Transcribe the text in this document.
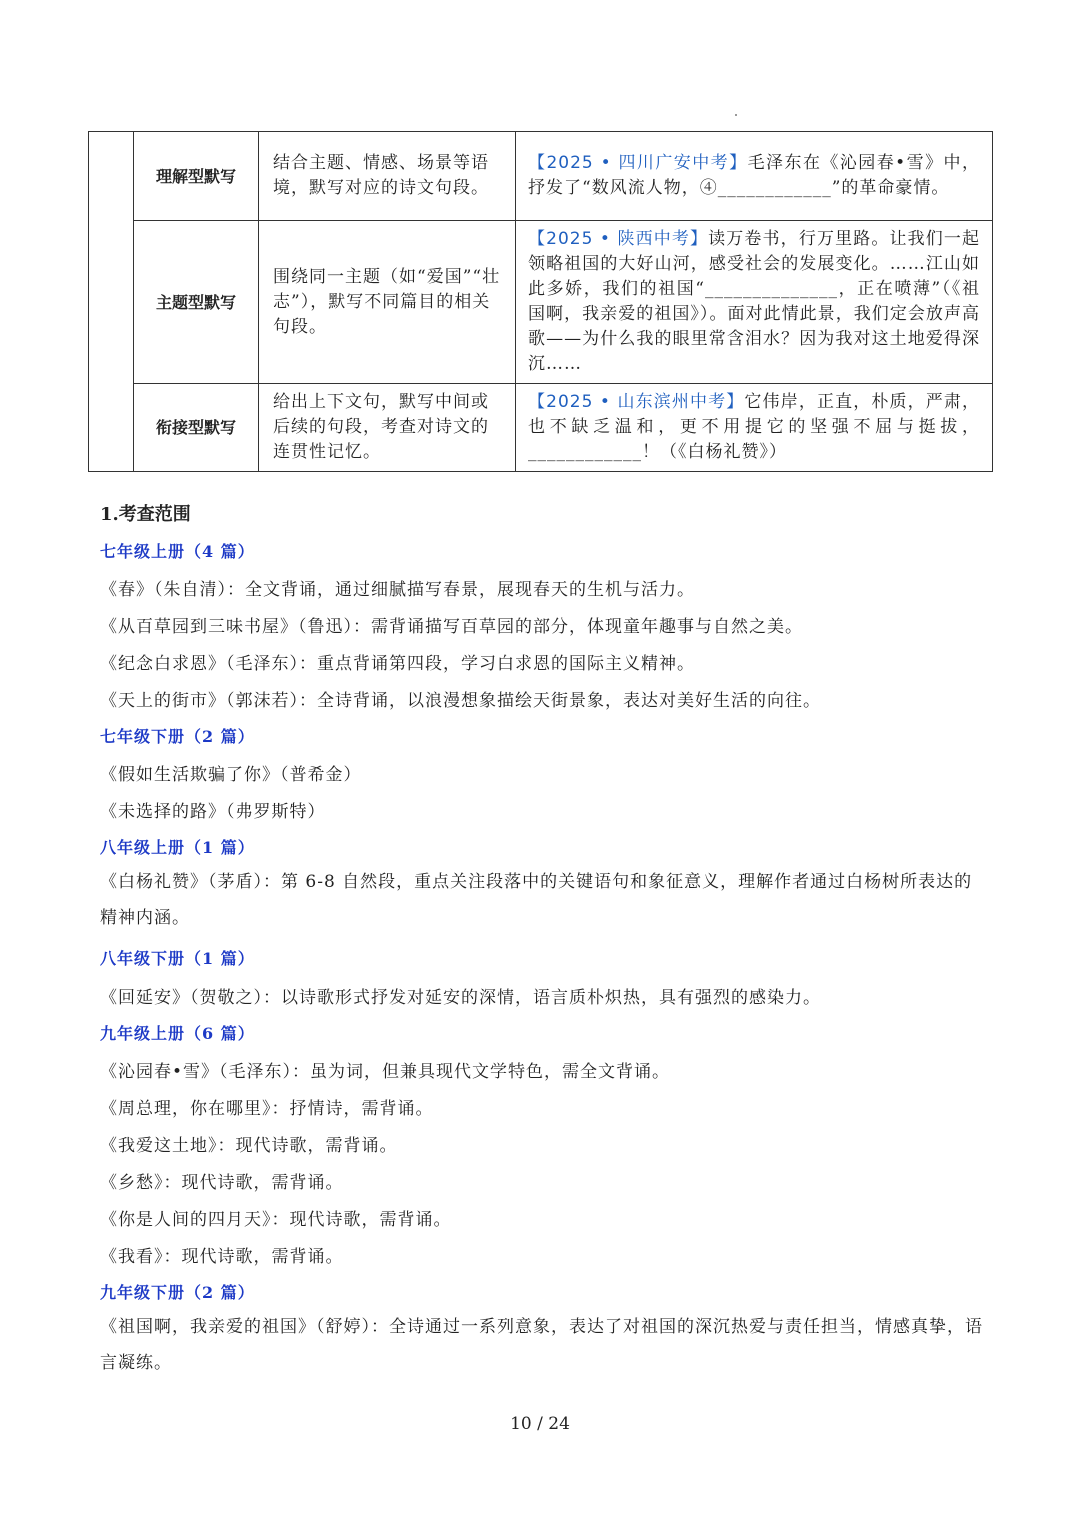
	理解型默写	结合主题、情感、场景等语境，默写对应的诗文句段。	【2025 • 四川广安中考】毛泽东在《沁园春•雪》中，抒发了“数风流人物，④____________”的革命豪情。
	主题型默写	围绕同一主题（如“爱国”“壮志”），默写不同篇目的相关句段。	【2025 • 陕西中考】读万卷书，行万里路。让我们一起领略祖国的大好山河，感受社会的发展变化。……江山如此多娇，我们的祖国“______________，正在喷薄”（《祖国啊，我亲爱的祖国》）。面对此情此景，我们定会放声高歌——为什么我的眼里常含泪水？因为我对这土地爱得深沉……
	衔接型默写	给出上下文句，默写中间或后续的句段，考查对诗文的连贯性记忆。	【2025 • 山东滨州中考】它伟岸，正直，朴质，严肃，也不缺乏温和，更不用提它的坚强不屈与挺拔，____________！（《白杨礼赞》）
1.考查范围
七年级上册（4 篇）
《春》（朱自清）：全文背诵，通过细腻描写春景，展现春天的生机与活力。
《从百草园到三味书屋》（鲁迅）：需背诵描写百草园的部分，体现童年趣事与自然之美。
《纪念白求恩》（毛泽东）：重点背诵第四段，学习白求恩的国际主义精神。
《天上的街市》（郭沫若）：全诗背诵，以浪漫想象描绘天街景象，表达对美好生活的向往。
七年级下册（2 篇）
《假如生活欺骗了你》（普希金）
《未选择的路》（弗罗斯特）
八年级上册（1 篇）
《白杨礼赞》（茅盾）：第 6-8 自然段，重点关注段落中的关键语句和象征意义，理解作者通过白杨树所表达的精神内涵。
八年级下册（1 篇）
《回延安》（贺敬之）：以诗歌形式抒发对延安的深情，语言质朴炽热，具有强烈的感染力。
九年级上册（6 篇）
《沁园春•雪》（毛泽东）：虽为词，但兼具现代文学特色，需全文背诵。
《周总理，你在哪里》：抒情诗，需背诵。
《我爱这土地》：现代诗歌，需背诵。
《乡愁》：现代诗歌，需背诵。
《你是人间的四月天》：现代诗歌，需背诵。
《我看》：现代诗歌，需背诵。
九年级下册（2 篇）
《祖国啊，我亲爱的祖国》（舒婷）：全诗通过一系列意象，表达了对祖国的深沉热爱与责任担当，情感真挚，语言凝练。
10 / 24
